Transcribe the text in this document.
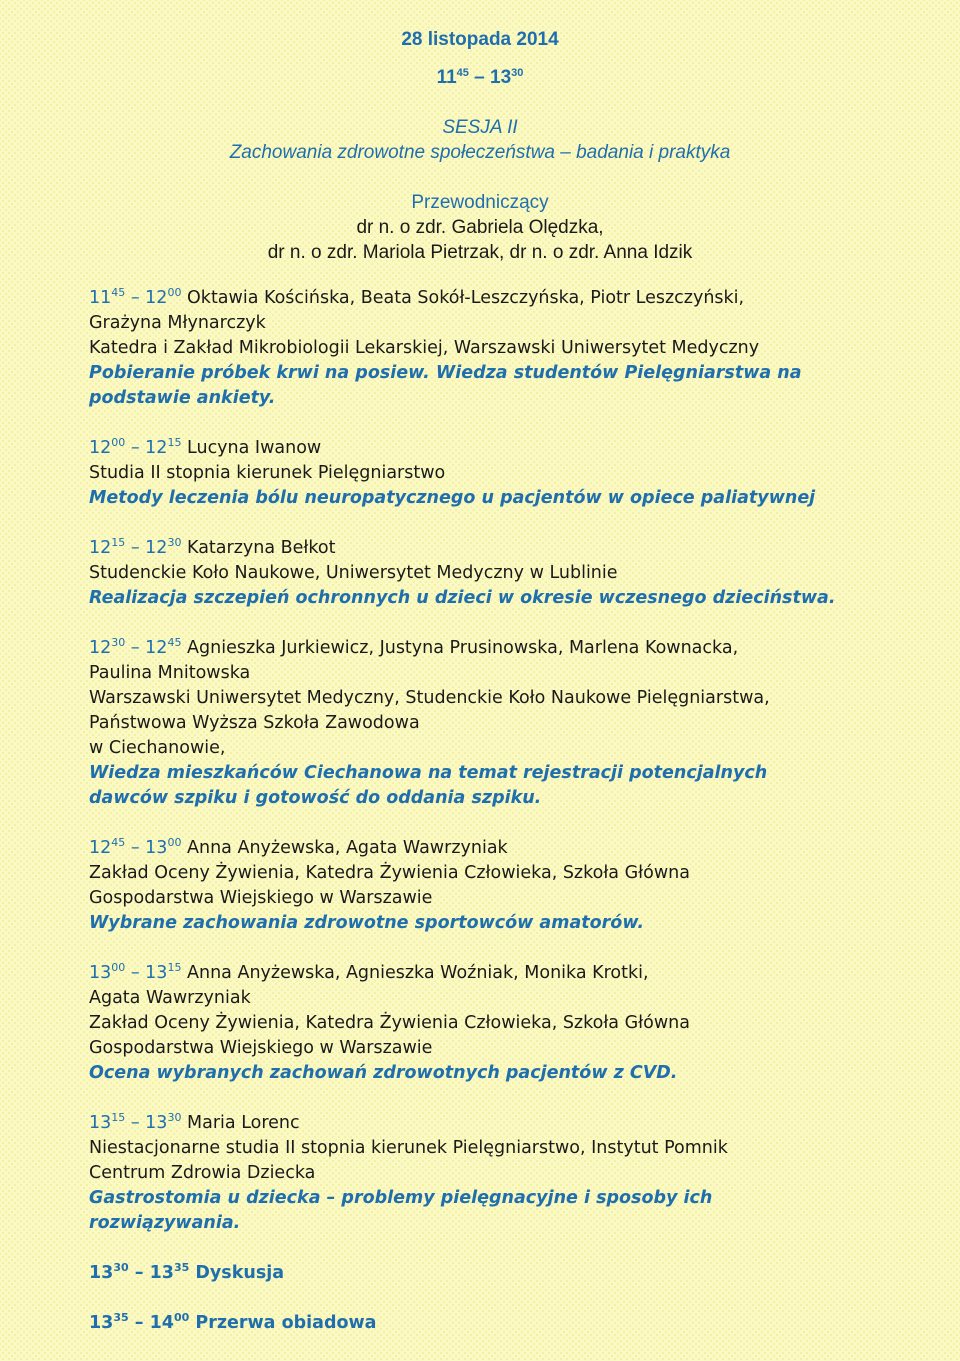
28 listopada 2014
$11^{45} - 13^{30}$
SESJA II
Zachowania zdrowotne społeczeństwa – badania i praktyka
Przewodniczący
dr n. o zdr. Gabriela Olędzka,
dr n. o zdr. Mariola Pietrzak, dr n. o zdr. Anna Idzik
$11^{45} - 12^{00}$ Oktawia Kościńska, Beata Sokół-Leszczyńska, Piotr Leszczyński,
Grażyna Młynarczyk
Katedra i Zakład Mikrobiologii Lekarskiej, Warszawski Uniwersytet Medyczny
Pobieranie próbek krwi na posiew. Wiedza studentów Pielęgniarstwa na
podstawie ankiety.
$12^{00} - 12^{15}$ Lucyna Iwanow
Studia II stopnia kierunek Pielęgniarstwo
Metody leczenia bólu neuropatycznego u pacjentów w opiece paliatywnej
$12^{15} - 12^{30}$ Katarzyna Bełkot
Studenckie Koło Naukowe, Uniwersytet Medyczny w Lublinie
Realizacja szczepień ochronnych u dzieci w okresie wczesnego dzieciństwa.
$12^{30} - 12^{45}$ Agnieszka Jurkiewicz, Justyna Prusinowska, Marlena Kownacka,
Paulina Mnitowska
Warszawski Uniwersytet Medyczny, Studenckie Koło Naukowe Pielęgniarstwa,
Państwowa Wyższa Szkoła Zawodowa
w Ciechanowie,
Wiedza mieszkańców Ciechanowa na temat rejestracji potencjalnych
dawców szpiku i gotowość do oddania szpiku.
$12^{45} - 13^{00}$ Anna Anyżewska, Agata Wawrzyniak
Zakład Oceny Żywienia, Katedra Żywienia Człowieka, Szkoła Główna
Gospodarstwa Wiejskiego w Warszawie
Wybrane zachowania zdrowotne sportowców amatorów.
$13^{00} - 13^{15}$ Anna Anyżewska, Agnieszka Woźniak, Monika Krotki,
Agata Wawrzyniak
Zakład Oceny Żywienia, Katedra Żywienia Człowieka, Szkoła Główna
Gospodarstwa Wiejskiego w Warszawie
Ocena wybranych zachowań zdrowotnych pacjentów z CVD.
$13^{15} - 13^{30}$ Maria Lorenc
Niestacjonarne studia II stopnia kierunek Pielęgniarstwo, Instytut Pomnik
Centrum Zdrowia Dziecka
Gastrostomia u dziecka – problemy pielęgnacyjne i sposoby ich
rozwiązywania.
$13^{30} - 13^{35}$ Dyskusja
$13^{35} - 14^{00}$ Przerwa obiadowa
